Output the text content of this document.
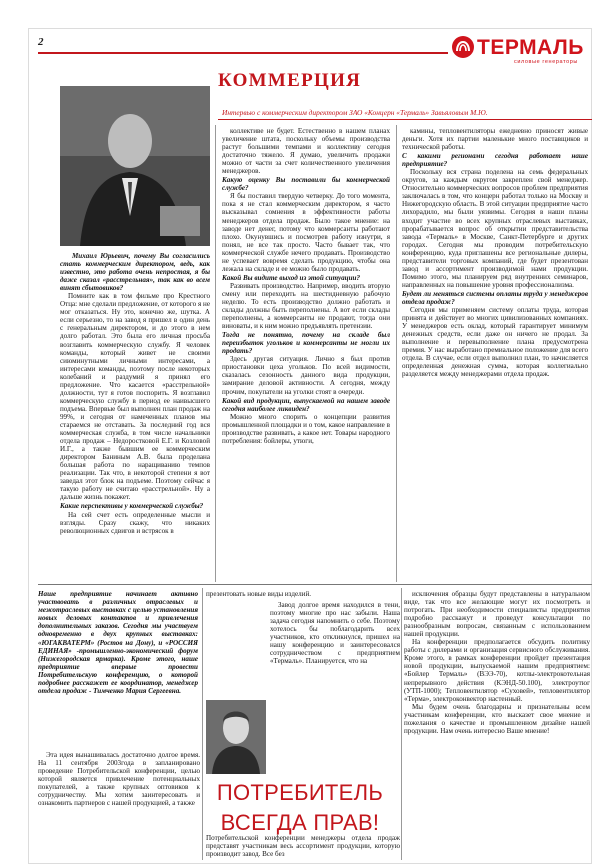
2	ТЕРМАЛЬ
силовые генераторы
КОММЕРЦИЯ
Интервью с коммерческим директором ЗАО «Концерн «Термаль» Завьяловым М.Ю.

Михаил Юрьевич, почему Вы согласились стать коммерческим директором, ведь, как известно, это работа очень непростая, я бы даже сказал «расстрельная», так как во всем винят сбытовиков?

Помните как в том фильме про Крестного Отца: мне сделали предложение, от которого я не мог отказаться. Ну это, конечно же, шутка. А если серьезно, то на завод я пришел в один день с генеральным директором, и до этого в нем долго работал. Это была его личная просьба возглавить коммерческую службу. Я человек команды, который живет не своими сиюминутными личными интересами, а интересами команды, поэтому после некоторых колебаний и раздумий я принял его предложение. Что касается «расстрельной» должности, тут я готов поспорить. Я возглавил коммерческую службу в период ее наивысшего подъема. Впервые был выполнен план продаж на 99%, и сегодня от намеченных планов мы стараемся не отставать. За последний год вся коммерческая служба, в том числе начальники отдела продаж – Недоростковой Е.Г. и Козловой И.Г., а также бывшим ее коммерческим директором Баниным А.В. была проделана большая работа по наращиванию темпов реализации. Так что, в некоторой степени я вот заведал этот блок на подъеме. Поэтому сейчас я такую работу не считаю «расстрельной». Ну а дальше жизнь покажет.

Какие перспективы у коммерческой службы?

На сей счет есть определенные мысли и взгляды. Сразу скажу, что никаких революционных сдвигов и встрясок в

коллективе не будет. Естественно в нашем планах увеличение штата, поскольку объемы производства растут большими темпами и коллективу сегодня достаточно тяжело. Я думаю, увеличить продажи можно от части за счет количественного увеличения менеджеров.

Какую оценку Вы поставили бы коммерческой службе?

Я бы поставил твердую четверку. До того момента, пока я не стал коммерческим директором, я часто высказывал сомнения в эффективности работы менеджеров отдела продаж. Было такое мнение: на заводе нет денег, потому что коммерсанты работают плохо. Окунувшись и посмотрев работу изнутри, я понял, не все так просто. Часто бывает так, что коммерческой службе нечего продавать. Производство не успевает вовремя сделать продукцию, чтобы она лежала на складе и ее можно было продавать.

Какой Вы видите выход из этой ситуации?

Развивать производство. Например, вводить вторую смену или переходить на шестидневную рабочую неделю. То есть производство должно работать и склады должны быть переполнены. А вот если склады переполнены, а коммерсанты не продают, тогда они виноваты, и к ним можно предъявлять претензии.

Тогда не понятно, почему на складе был переизбыток угольков и коммерсанты не могли их продать?

Здесь другая ситуация. Лично я был против приостановки цеха угольков. По всей видимости, сказалась сезонность данного вида продукции, замирание деловой активности. А сегодня, между прочим, покупатели на уголки стоят в очереди.

Какой вид продукции, выпускаемой на нашем заводе сегодня наиболее ликвиден?

Можно много спорить о концепции развития промышленной площадки и о том, какое направление в производстве развивать, а какое нет. Товары народного потребления: бойлеры, утюги,

камины, тепловентиляторы ежедневно приносят живые деньги. Хотя их партии маленькие много поставщиков и технической работы.

С какими регионами сегодня работает наше предприятие?

Поскольку вся страна поделена на семь федеральных округов, за каждым округом закреплен свой менеджер. Относительно коммерческих вопросов проблем предприятия заключалась в том, что концерн работал только на Москву и Нижегородскую область. В этой ситуации предприятие часто лихорадило, мы были уязвимы. Сегодня в наши планы входит участие во всех крупных отраслевых выставках, прорабатывается вопрос об открытии представительства завода «Термаль» в Москве, Санкт-Петербурге и других городах. Сегодня мы проводим потребительскую конференцию, куда приглашены все региональные дилеры, представители торговых компаний, где будет презентован завод и ассортимент производимой нами продукции. Помимо этого, мы планируем ряд внутренних семинаров, направленных на повышение уровня профессионализма.

Будет ли меняться системы оплаты труда у менеджеров отдела продаж?

Сегодня мы применяем систему оплаты труда, которая принята и действует во многих цивилизованных компаниях. У менеджеров есть оклад, который гарантирует минимум денежных средств, если даже он ничего не продал. За выполнение и перевыполнение плана предусмотрена премия. У нас выработано премиальное положение для всего отдела. В случае, если отдел выполнил план, то начисляется определенная денежная сумма, которая коллегиально разделяется между менеджерами отдела продаж.

Наше предприятие начинает активно участвовать в различных отраслевых и межотраслевых выставках с целью установления новых деловых контактов и привлечения дополнительных заказов. Сегодня мы участвуем одновременно в двух крупных выставках: «ЮГАКВАТЕРМ» (Ростов на Дону), и «РОССИЯ ЕДИНАЯ» -промышленно-экономический форум (Нижегородская ярмарка). Кроме этого, наше предприятие впервые провести Потребительскую конференцию, о которой подробнее расскажет ее координатор, менеджер отдела продаж - Тимченко Мария Сергеевна.

Эта идея вынашивалась достаточно долгое время. На 11 сентября 2003года в запланировано проведение Потребительской конференции, целью которой является привлечение потенциальных покупателей, а также крупных оптовиков к сотрудничеству. Мы хотим заинтересовать и ознакомить партнеров с нашей продукцией, а также

презентовать новые виды изделий.

Завод долгое время находился в тени, поэтому многие про нас забыли. Наша задача сегодня напомнить о себе. Поэтому хотелось бы поблагодарить всех участников, кто откликнулся, пришел на нашу конференцию и заинтересовался сотрудничеством с предприятием «Термаль». Планируется, что на

ПОТРЕБИТЕЛЬ
ВСЕГДА ПРАВ!
Потребительской конференции менеджеры отдела продаж представят участникам весь ассортимент продукции, которую производит завод. Все без

исключения образцы будут представлены в натуральном виде, так что все желающие могут их посмотреть и потрогать. При необходимости специалисты предприятия подробно расскажут и проведут консультации по разнообразным вопросам, связанным с использованием нашей продукции.

На конференции предполагается обсудить политику работы с дилерами и организация сервисного обслуживания. Кроме этого, в рамках конференции пройдет презентация новой продукции, выпускаемой нашим предприятием: «Бойлер Термаль» (ВЭЭ-70), котлы-электрокотельная непрерывного действия (КЭНД-50.100), электроутюг (УТП-1000); Тепловентилятор «Суховей», тепловентилятор «Терма», электроконвектор настенный.

Мы будем очень благодарны и признательны всем участникам конференции, кто высказет свое мнение и пожелания о качестве и промышленном дизайне нашей продукции. Нам очень интересно Ваше мнение!
